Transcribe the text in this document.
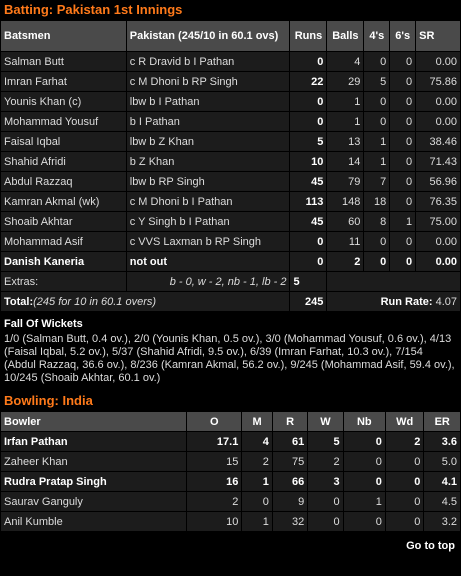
Batting: Pakistan 1st Innings
Batsmen	Pakistan (245/10 in 60.1 ovs)	Runs	Balls	4's	6's	SR
Salman Butt	c R Dravid b I Pathan	0	4	0	0	0.00
Imran Farhat	c M Dhoni b RP Singh	22	29	5	0	75.86
Younis Khan (c)	lbw b I Pathan	0	1	0	0	0.00
Mohammad Yousuf	b I Pathan	0	1	0	0	0.00
Faisal Iqbal	lbw b Z Khan	5	13	1	0	38.46
Shahid Afridi	b Z Khan	10	14	1	0	71.43
Abdul Razzaq	lbw b RP Singh	45	79	7	0	56.96
Kamran Akmal (wk)	c M Dhoni b I Pathan	113	148	18	0	76.35
Shoaib Akhtar	c Y Singh b I Pathan	45	60	8	1	75.00
Mohammad Asif	c VVS Laxman b RP Singh	0	11	0	0	0.00
Danish Kaneria	not out	0	2	0	0	0.00
Extras:	b - 0, w - 2, nb - 1, lb - 2	5				
Total:(245 for 10 in 60.1 overs)		245	Run Rate: 4.07			
Fall Of Wickets
1/0 (Salman Butt, 0.4 ov.), 2/0 (Younis Khan, 0.5 ov.), 3/0 (Mohammad Yousuf, 0.6 ov.), 4/13 (Faisal Iqbal, 5.2 ov.), 5/37 (Shahid Afridi, 9.5 ov.), 6/39 (Imran Farhat, 10.3 ov.), 7/154 (Abdul Razzaq, 36.6 ov.), 8/236 (Kamran Akmal, 56.2 ov.), 9/245 (Mohammad Asif, 59.4 ov.), 10/245 (Shoaib Akhtar, 60.1 ov.)
Bowling: India
Bowler	O	M	R	W	Nb	Wd	ER
Irfan Pathan	17.1	4	61	5	0	2	3.6
Zaheer Khan	15	2	75	2	0	0	5.0
Rudra Pratap Singh	16	1	66	3	0	0	4.1
Saurav Ganguly	2	0	9	0	1	0	4.5
Anil Kumble	10	1	32	0	0	0	3.2
Go to top
